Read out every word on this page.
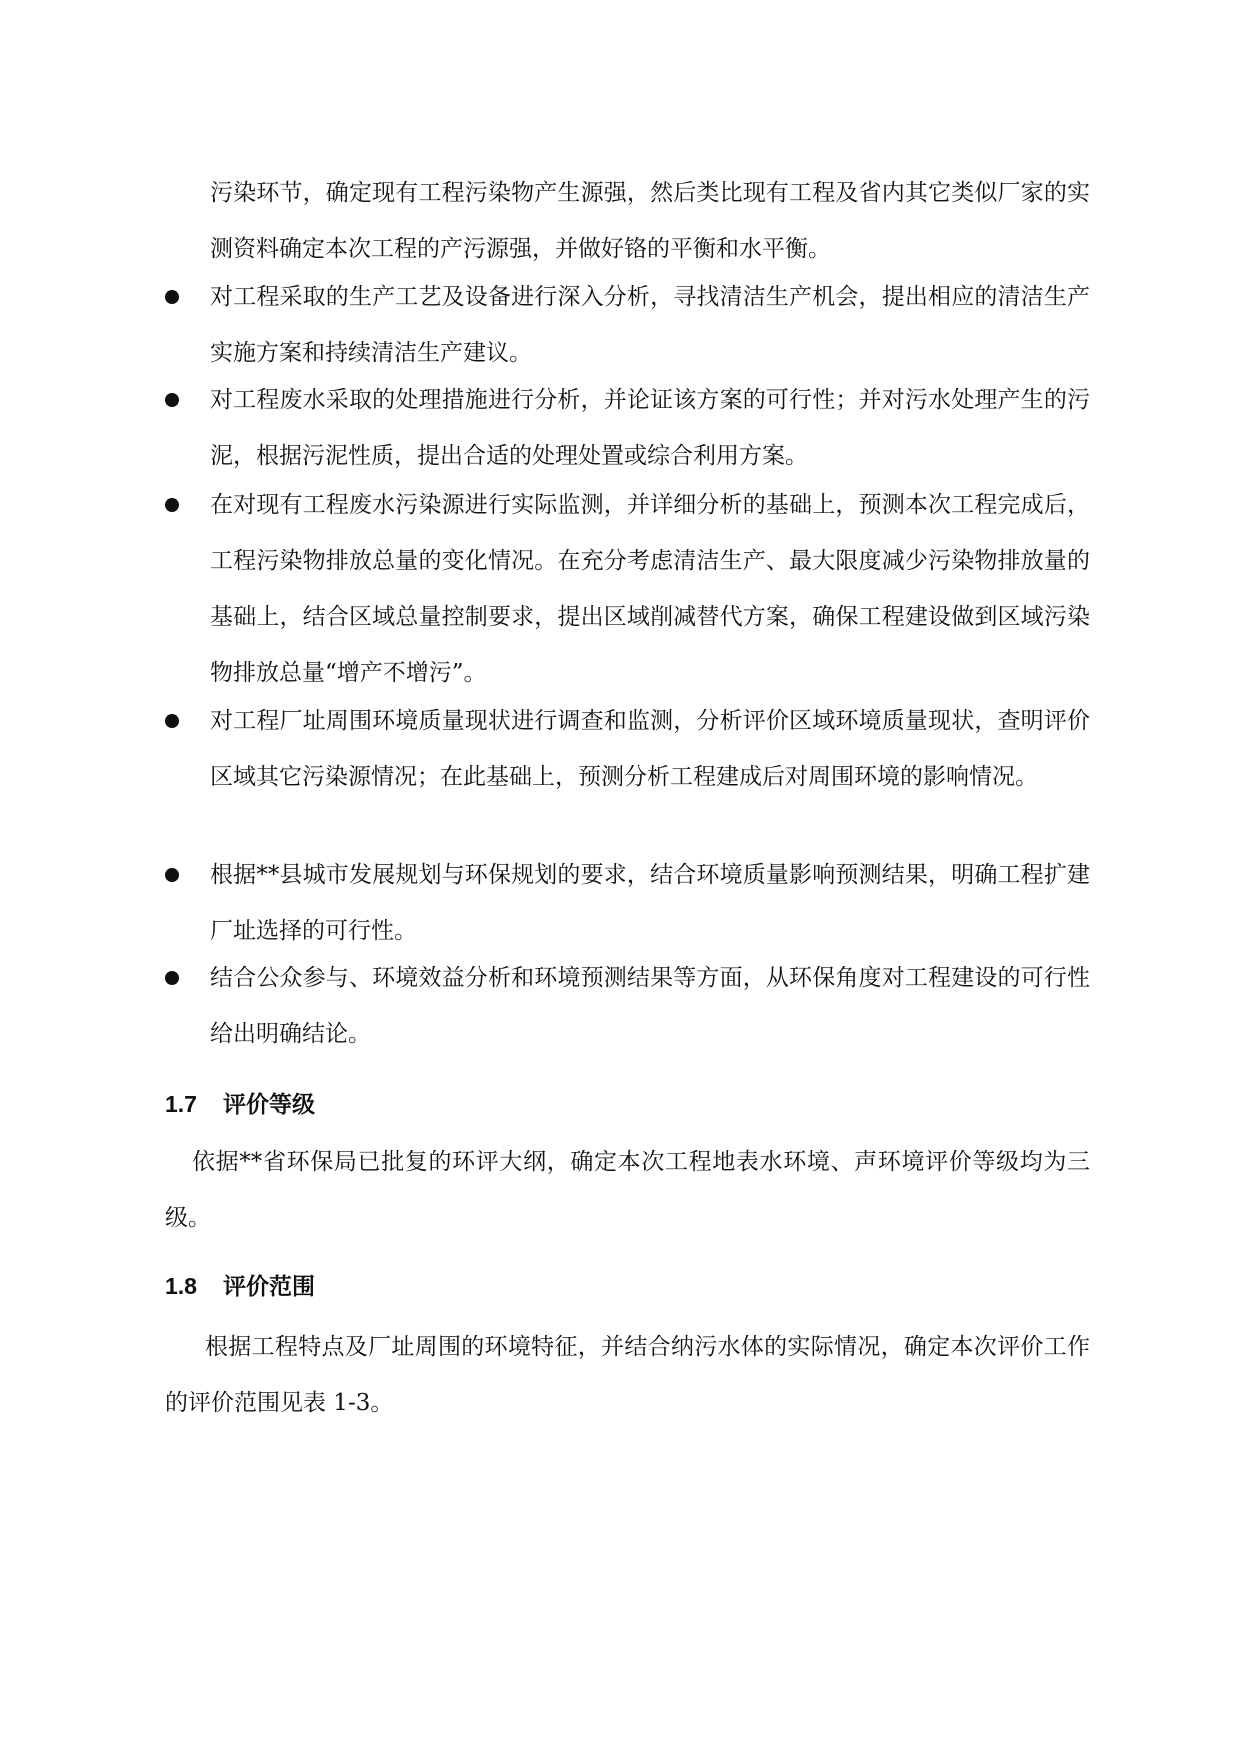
污染环节，确定现有工程污染物产生源强，然后类比现有工程及省内其它类似厂家的实测资料确定本次工程的产污源强，并做好铬的平衡和水平衡。
对工程采取的生产工艺及设备进行深入分析，寻找清洁生产机会，提出相应的清洁生产实施方案和持续清洁生产建议。
对工程废水采取的处理措施进行分析，并论证该方案的可行性；并对污水处理产生的污泥，根据污泥性质，提出合适的处理处置或综合利用方案。
在对现有工程废水污染源进行实际监测，并详细分析的基础上，预测本次工程完成后，工程污染物排放总量的变化情况。在充分考虑清洁生产、最大限度减少污染物排放量的基础上，结合区域总量控制要求，提出区域削减替代方案，确保工程建设做到区域污染物排放总量“增产不增污”。
对工程厂址周围环境质量现状进行调查和监测，分析评价区域环境质量现状，查明评价区域其它污染源情况；在此基础上，预测分析工程建成后对周围环境的影响情况。
根据**县城市发展规划与环保规划的要求，结合环境质量影响预测结果，明确工程扩建厂址选择的可行性。
结合公众参与、环境效益分析和环境预测结果等方面，从环保角度对工程建设的可行性给出明确结论。
1.7 评价等级
依据**省环保局已批复的环评大纲，确定本次工程地表水环境、声环境评价等级均为三级。
1.8 评价范围
根据工程特点及厂址周围的环境特征，并结合纳污水体的实际情况，确定本次评价工作的评价范围见表 1-3。
